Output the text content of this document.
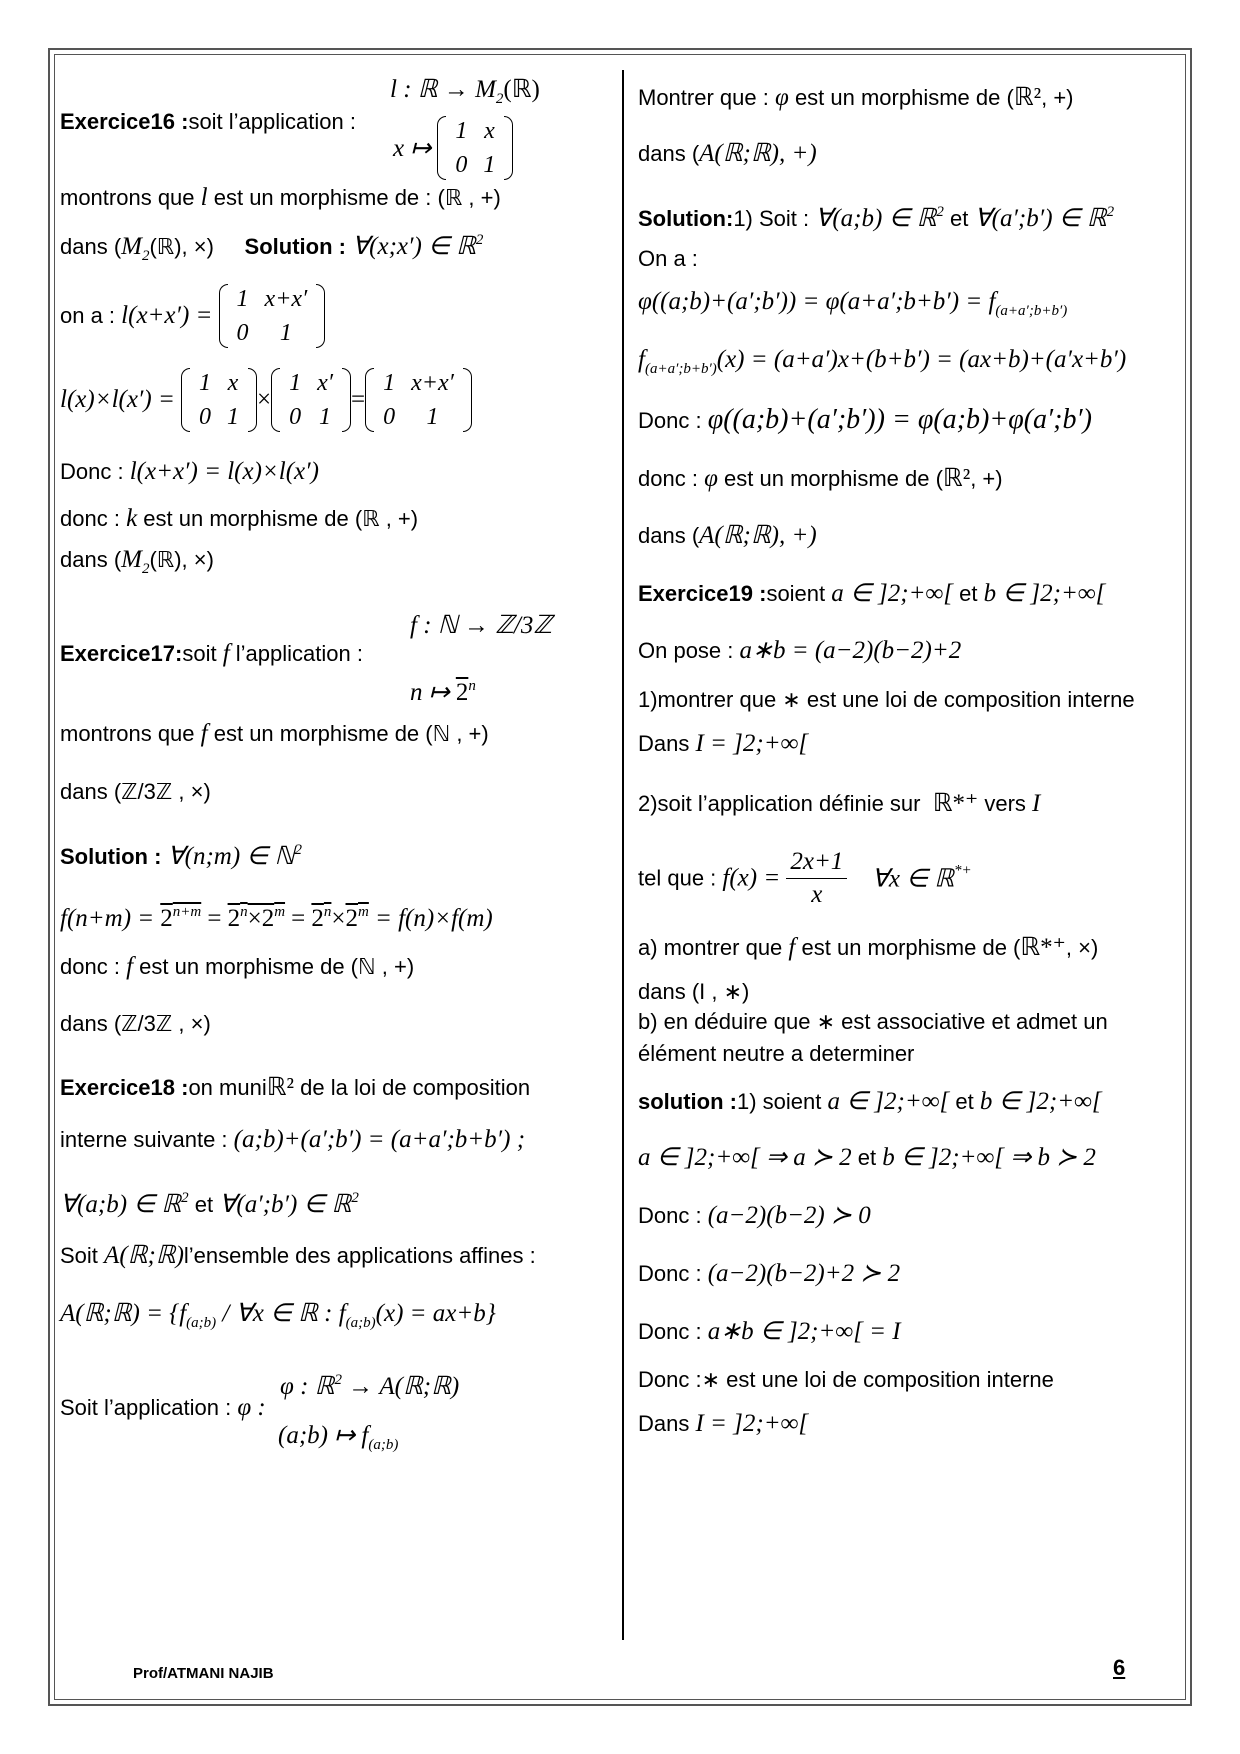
l : ℝ → $M_2(ℝ)$
Exercice16 :soit l’application :
x ↦
1	x
0	1
montrons que l est un morphisme de : (ℝ , +)
dans ($M_2(ℝ)$, ×) Solution : ∀(x;x′) ∈ ℝ$^2$
on a : l(x+x′) =
1	x+x′
0	1
l(x)×l(x′) =
1	x
0	1
×
1	x′
0	1
=
1	x+x′
0	1
Donc : l(x+x′) = l(x)×l(x′)
donc : k est un morphisme de (ℝ , +)
dans ($M_2(ℝ)$, ×)
f : ℕ → ℤ/3ℤ
Exercice17:soit f l’application :
n ↦ 2$^n$
montrons que f est un morphisme de (ℕ , +)
dans (ℤ/3ℤ , ×)
Solution : ∀(n;m) ∈ ℕ$^2$
$f(n+m) = 2^{n+m} = 2^n\times 2^m = 2^n\times 2^m = f(n)\times f(m)$
donc : f est un morphisme de (ℕ , +)
dans (ℤ/3ℤ , ×)
Exercice18 :on muniℝ² de la loi de composition
interne suivante : (a;b)+(a′;b′) = (a+a′;b+b′) ;
∀(a;b) ∈ ℝ$^2$ et ∀(a′;b′) ∈ ℝ$^2$
Soit A(ℝ;ℝ)l’ensemble des applications affines :
A(ℝ;ℝ) = {$f_{(a;b)}$ / ∀x ∈ ℝ : $f_{(a;b)}(x) = ax+b$}
φ : ℝ$^2$ → A(ℝ;ℝ)
Soit l’application : φ :
(a;b) ↦ $f_{(a;b)}$
Montrer que : φ est un morphisme de (ℝ², +)
dans (A(ℝ;ℝ), +)
Solution:1) Soit : ∀(a;b) ∈ ℝ$^2$ et ∀(a′;b′) ∈ ℝ$^2$
On a :
φ((a;b)+(a′;b′)) = φ(a+a′;b+b′) = $f_{(a+a';b+b')}$
$f_{(a+a';b+b')}(x) = (a+a')x+(b+b') = (ax+b)+(a'x+b')$
Donc : φ((a;b)+(a′;b′)) = φ(a;b)+φ(a′;b′)
donc : φ est un morphisme de (ℝ², +)
dans (A(ℝ;ℝ), +)
Exercice19 :soient a ∈ ]2;+∞[ et b ∈ ]2;+∞[
On pose : a∗b = (a−2)(b−2)+2
1)montrer que ∗ est une loi de composition interne
Dans I = ]2;+∞[
2)soit l’application définie sur ℝ*⁺ vers I
tel que : $f(x) = \frac{2x+1}{x}$ ∀x ∈ ℝ*+
a) montrer que f est un morphisme de (ℝ*⁺, ×)
dans (I , ∗)
b) en déduire que ∗ est associative et admet un
élément neutre a determiner
solution :1) soient a ∈ ]2;+∞[ et b ∈ ]2;+∞[
a ∈ ]2;+∞[ ⇒ a ≻ 2 et b ∈ ]2;+∞[ ⇒ b ≻ 2
Donc : (a−2)(b−2) ≻ 0
Donc : (a−2)(b−2)+2 ≻ 2
Donc : a∗b ∈ ]2;+∞[ = I
Donc :∗ est une loi de composition interne
Dans I = ]2;+∞[
Prof/ATMANI NAJIB	6
